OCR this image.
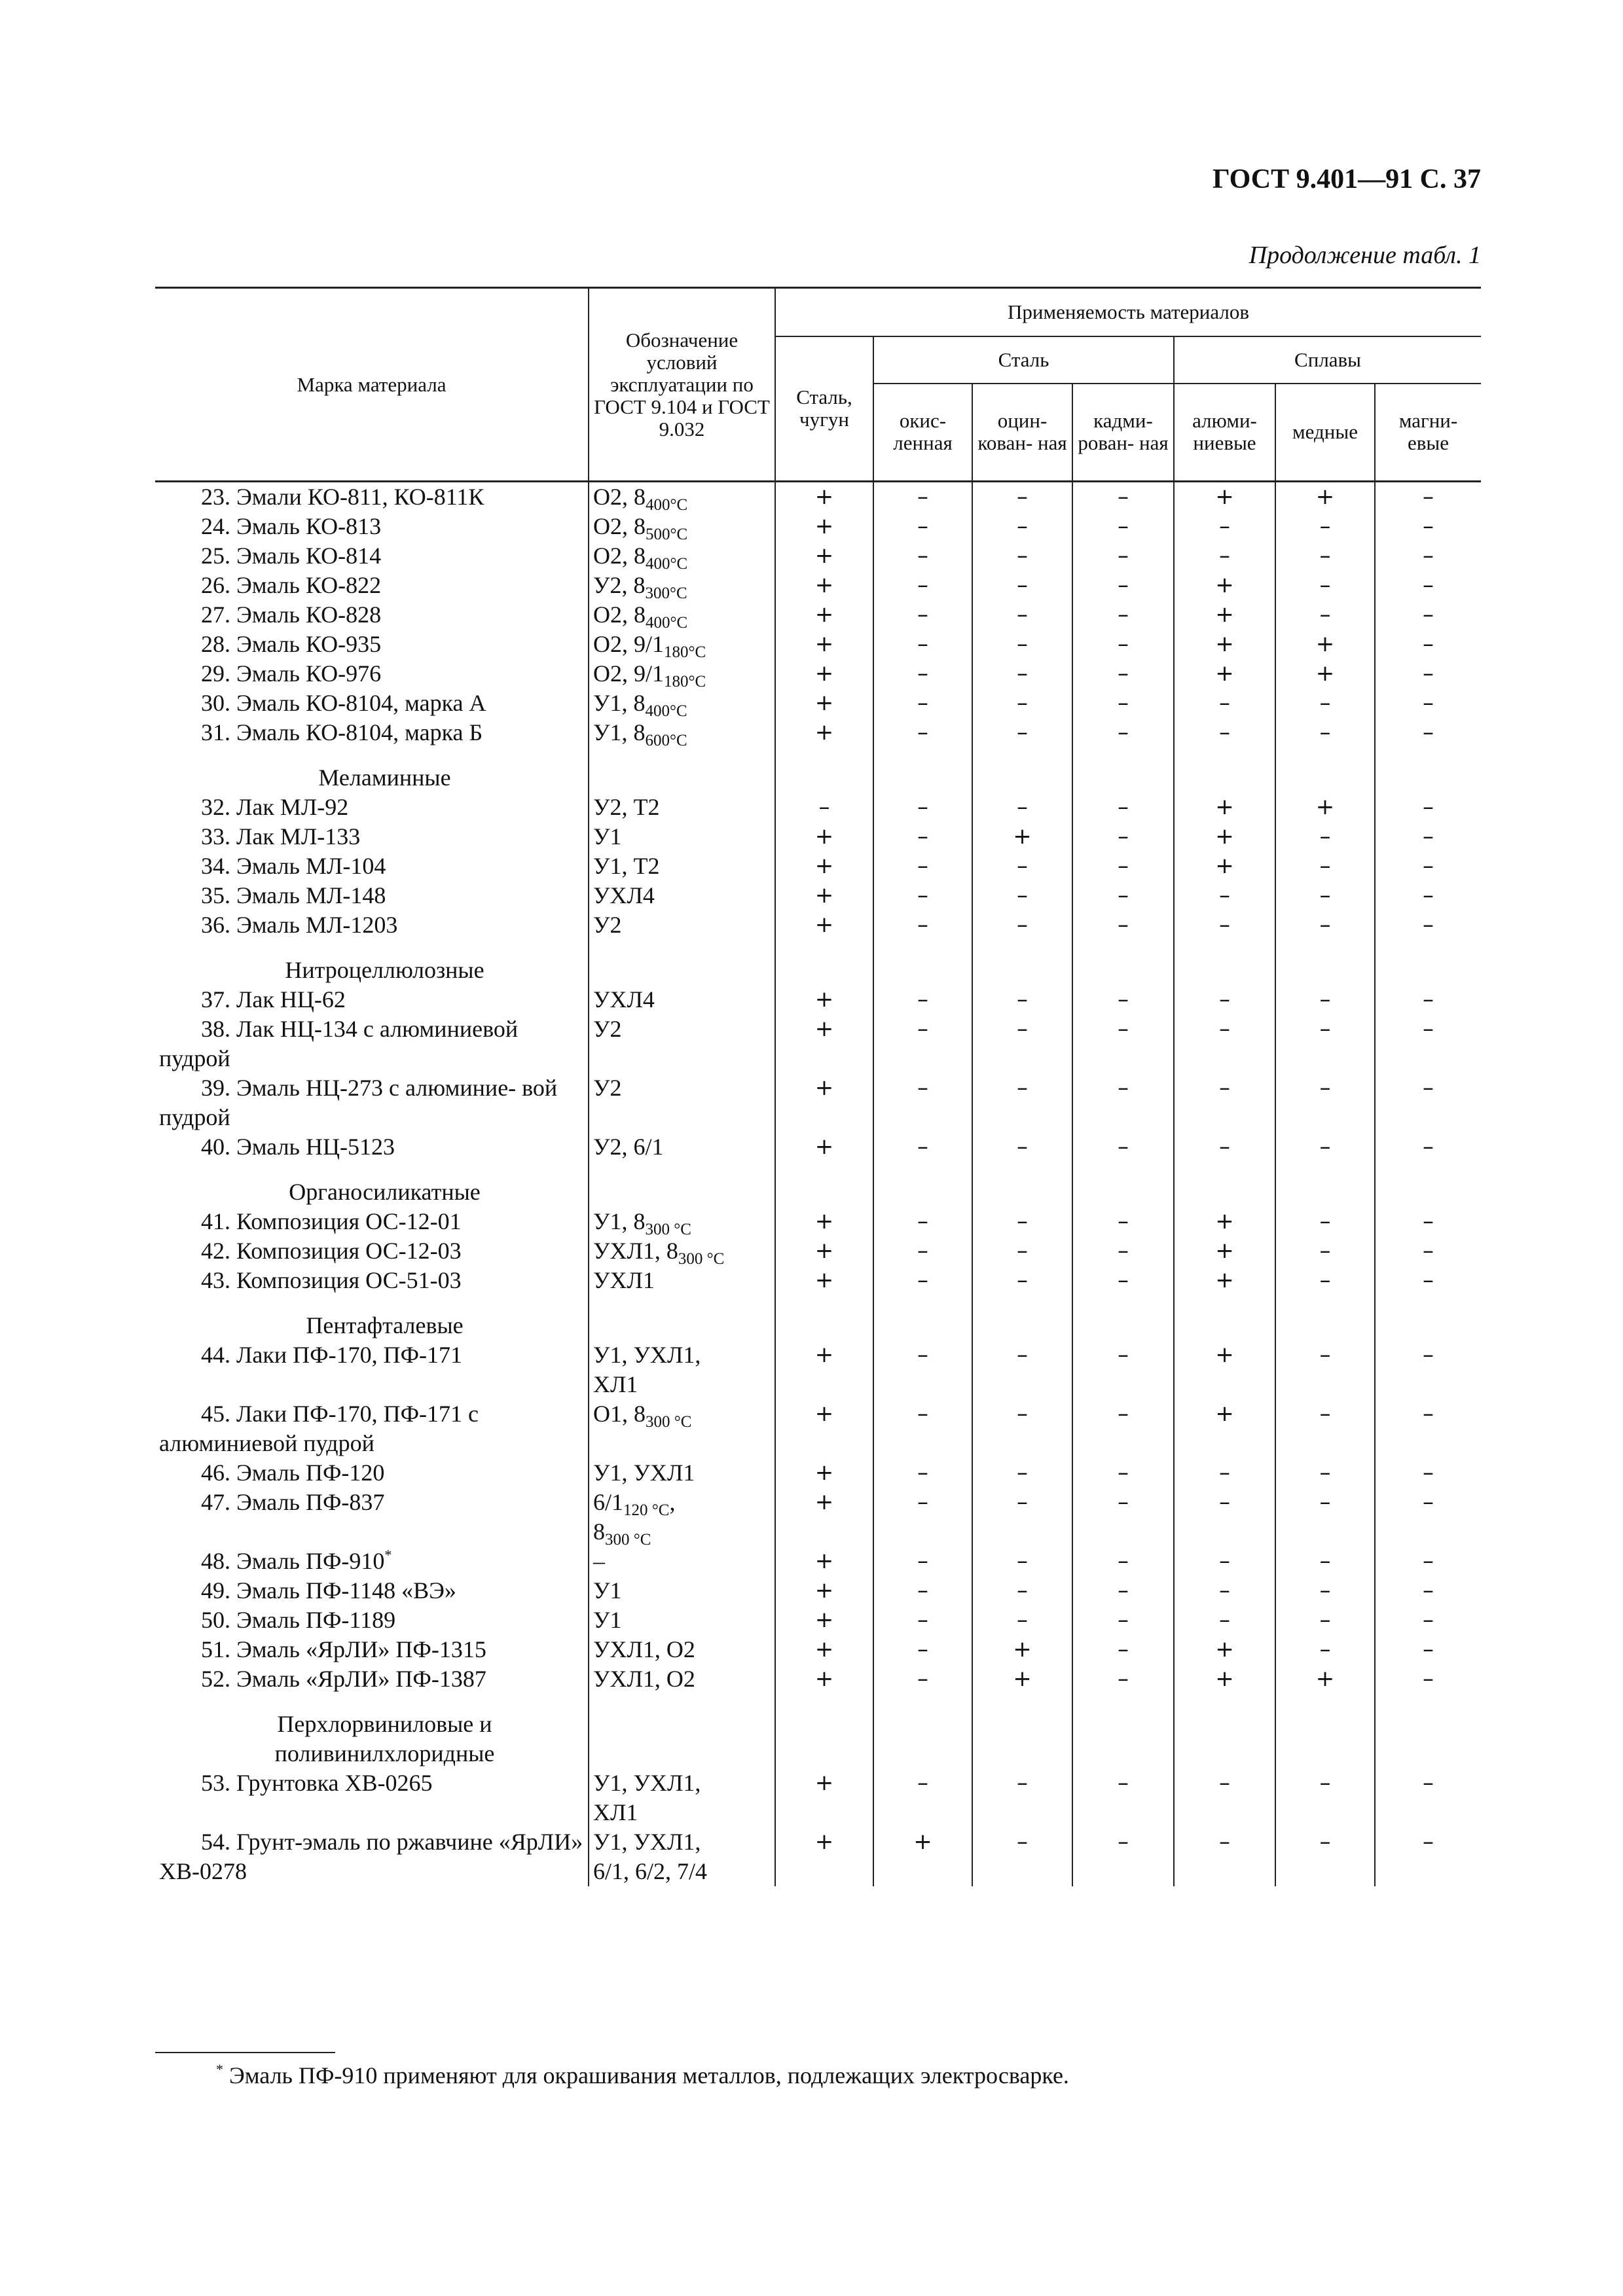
ГОСТ 9.401—91 С. 37
Продолжение табл. 1
Марка материала	Обозначение условий эксплуатации по ГОСТ 9.104 и ГОСТ 9.032	Применяемость материалов						
		Сталь, чугун	Сталь			Сплавы		
			окис- ленная	оцин- кован- ная	кадми- рован- ная	алюми- ниевые	медные	магни- евые

23. Эмали КО-811, КО-811К	О2, $8_{400^\circ С}$	+	–	–	–	+	+	–

24. Эмаль КО-813	О2, $8_{500^\circ С}$	+	–	–	–	–	–	–

25. Эмаль КО-814	О2, $8_{400^\circ С}$	+	–	–	–	–	–	–

26. Эмаль КО-822	У2, $8_{300^\circ С}$	+	–	–	–	+	–	–

27. Эмаль КО-828	О2, $8_{400^\circ С}$	+	–	–	–	+	–	–

28. Эмаль КО-935	О2, $9/1_{180^\circ С}$	+	–	–	–	+	+	–

29. Эмаль КО-976	О2, $9/1_{180^\circ С}$	+	–	–	–	+	+	–

30. Эмаль КО-8104, марка А	У1, $8_{400^\circ С}$	+	–	–	–	–	–	–

31. Эмаль КО-8104, марка Б	У1, $8_{600^\circ С}$	+	–	–	–	–	–	–

Меламинные								

32. Лак МЛ-92	У2, Т2	–	–	–	–	+	+	–

33. Лак МЛ-133	У1	+	–	+	–	+	–	–

34. Эмаль МЛ-104	У1, Т2	+	–	–	–	+	–	–

35. Эмаль МЛ-148	УХЛ4	+	–	–	–	–	–	–

36. Эмаль МЛ-1203	У2	+	–	–	–	–	–	–

Нитроцеллюлозные								

37. Лак НЦ-62	УХЛ4	+	–	–	–	–	–	–

38. Лак НЦ-134 с алюминиевой пудрой	У2	+	–	–	–	–	–	–

39. Эмаль НЦ-273 с алюминие- вой пудрой	У2	+	–	–	–	–	–	–

40. Эмаль НЦ-5123	У2, 6/1	+	–	–	–	–	–	–

Органосиликатные								

41. Композиция ОС-12-01	У1, $8_{300 ^\circ С}$	+	–	–	–	+	–	–

42. Композиция ОС-12-03	УХЛ1, $8_{300 ^\circ С}$	+	–	–	–	+	–	–

43. Композиция ОС-51-03	УХЛ1	+	–	–	–	+	–	–

Пентафталевые								

44. Лаки ПФ-170, ПФ-171	У1, УХЛ1,
ХЛ1	+	–	–	–	+	–	–

45. Лаки ПФ-170, ПФ-171 с алюминиевой пудрой	О1, $8_{300 ^\circ С}$	+	–	–	–	+	–	–

46. Эмаль ПФ-120	У1, УХЛ1	+	–	–	–	–	–	–

47. Эмаль ПФ-837	$6/1_{120 ^\circ С}$,
$8_{300 ^\circ С}$	+	–	–	–	–	–	–

48. Эмаль ПФ-910*	–	+	–	–	–	–	–	–

49. Эмаль ПФ-1148 «ВЭ»	У1	+	–	–	–	–	–	–

50. Эмаль ПФ-1189	У1	+	–	–	–	–	–	–

51. Эмаль «ЯрЛИ» ПФ-1315	УХЛ1, О2	+	–	+	–	+	–	–

52. Эмаль «ЯрЛИ» ПФ-1387	УХЛ1, О2	+	–	+	–	+	+	–

Перхлорвиниловые и поливинилхлоридные								

53. Грунтовка ХВ-0265	У1, УХЛ1,
ХЛ1	+	–	–	–	–	–	–

54. Грунт-эмаль по ржавчине «ЯрЛИ» ХВ-0278	У1, УХЛ1,
6/1, 6/2, 7/4	+	+	–	–	–	–	–
* Эмаль ПФ-910 применяют для окрашивания металлов, подлежащих электросварке.
